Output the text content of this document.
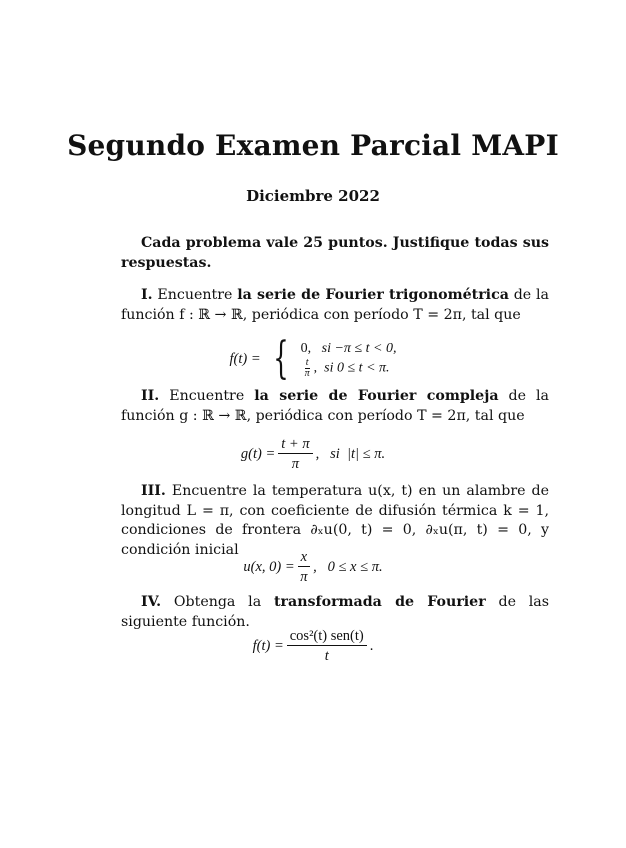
Segundo Examen Parcial MAPI
Diciembre 2022
Cada problema vale 25 puntos. Justifique todas sus respuestas.
I. Encuentre la serie de Fourier trigonométrica de la función f : ℝ → ℝ, periódica con período T = 2π, tal que
f(t) = { 0, si −π ≤ t < 0,
$\frac{t}{\pi}$ ,  si 0 ≤ t < π.
II. Encuentre la serie de Fourier compleja de la función g : ℝ → ℝ, periódica con período T = 2π, tal que
$g(t) = \frac{t + \pi}{\pi}$ ,   si  |t| ≤ π.
III. Encuentre la temperatura u(x, t) en un alambre de longitud L = π, con coeficiente de difusión térmica k = 1, condiciones de frontera ∂ₓu(0, t) = 0, ∂ₓu(π, t) = 0, y condición inicial
u(x, $0) = \frac{x}{\pi}$ ,   0 ≤ x ≤ π.
IV. Obtenga la transformada de Fourier de las siguiente función.
$f(t) = \frac{\text{cos²(t) sen(t)}}{t}$ .
